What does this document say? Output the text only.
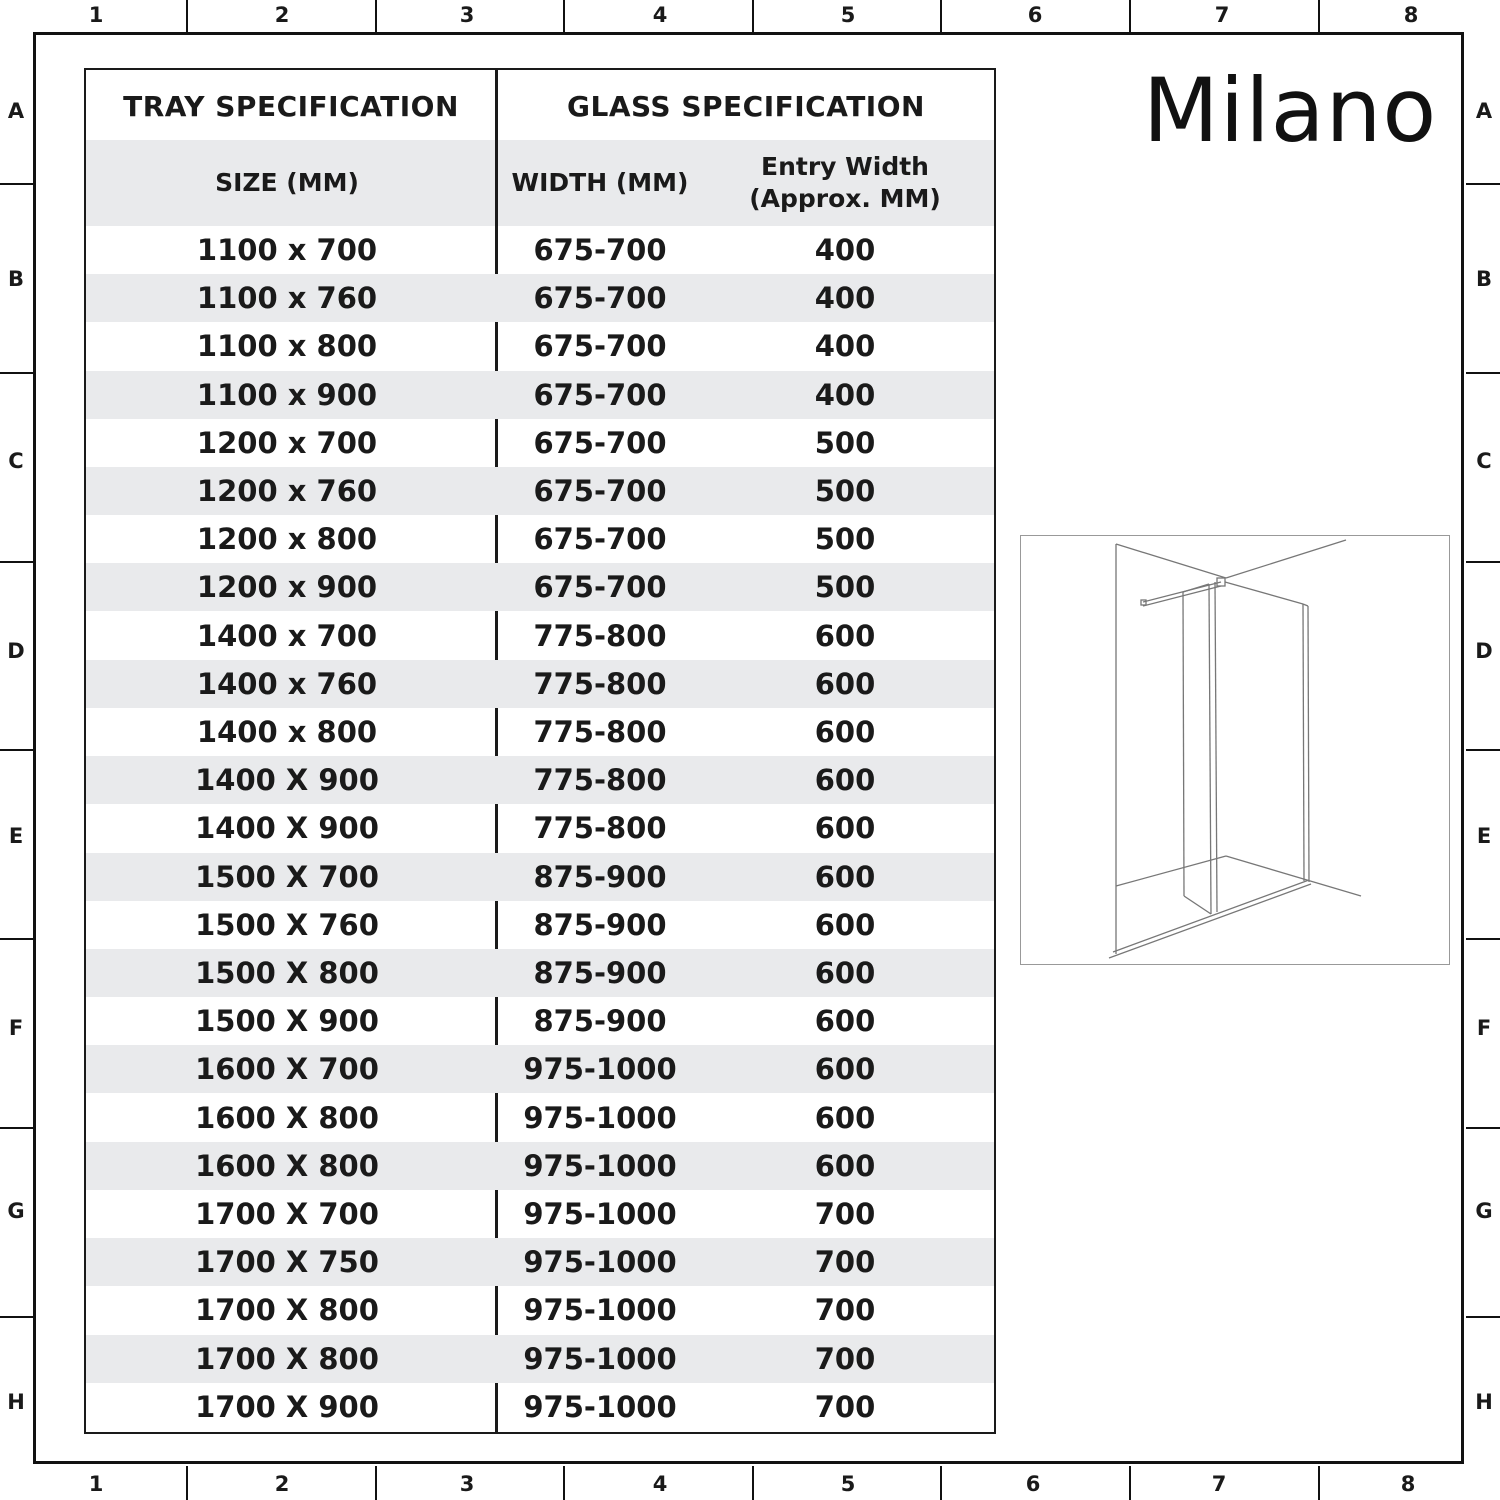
1
1
2
2
3
3
4
4
5
5
6
6
7
7
8
8
A	A
B	B
C	C
D	D
E	E
F	F
G	G
H	H
Milano
TRAY SPECIFICATION	GLASS SPECIFICATION
SIZE (MM)	WIDTH (MM)
Entry Width
(Approx. MM)
1100 x 700	675-700	400
1100 x 760	675-700	400
1100 x 800	675-700	400
1100 x 900	675-700	400
1200 x 700	675-700	500
1200 x 760	675-700	500
1200 x 800	675-700	500
1200 x 900	675-700	500
1400 x 700	775-800	600
1400 x 760	775-800	600
1400 x 800	775-800	600
1400 X 900	775-800	600
1400 X 900	775-800	600
1500 X 700	875-900	600
1500 X 760	875-900	600
1500 X 800	875-900	600
1500 X 900	875-900	600
1600 X 700	975-1000	600
1600 X 800	975-1000	600
1600 X 800	975-1000	600
1700 X 700	975-1000	700
1700 X 750	975-1000	700
1700 X 800	975-1000	700
1700 X 800	975-1000	700
1700 X 900	975-1000	700
